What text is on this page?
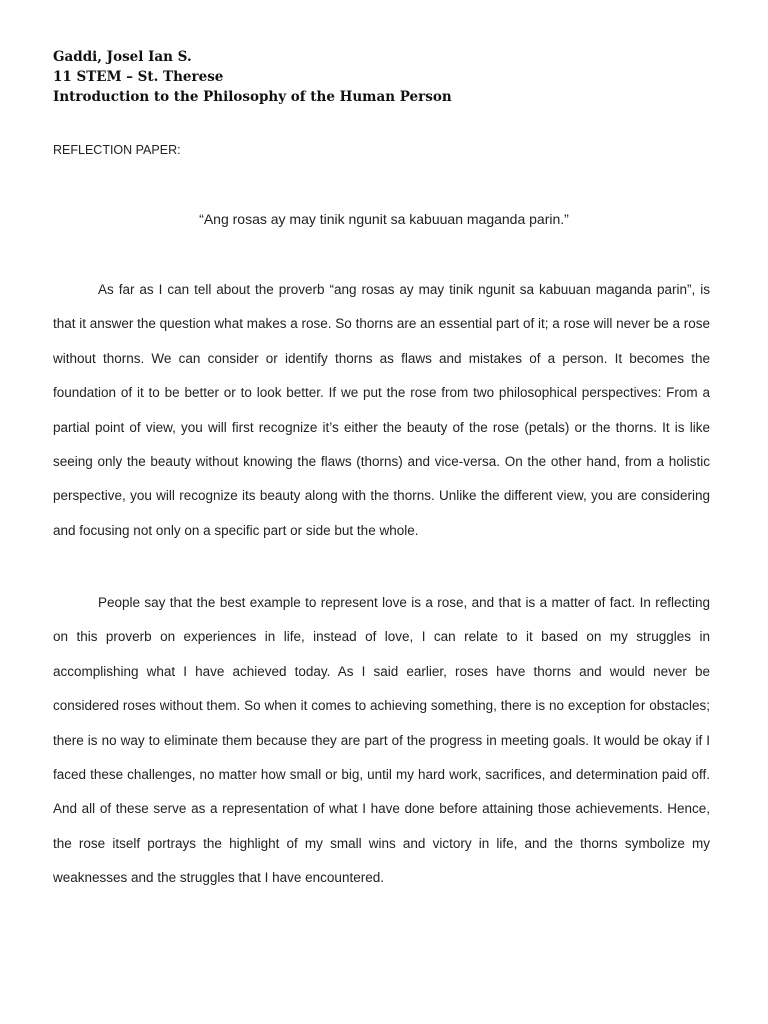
Gaddi, Josel Ian S.
11 STEM – St. Therese
Introduction to the Philosophy of the Human Person
REFLECTION PAPER:
“Ang rosas ay may tinik ngunit sa kabuuan maganda parin.”

As far as I can tell about the proverb “ang rosas ay may tinik ngunit sa kabuuan maganda parin”, is that it answer the question what makes a rose. So thorns are an essential part of it; a rose will never be a rose without thorns. We can consider or identify thorns as flaws and mistakes of a person. It becomes the foundation of it to be better or to look better. If we put the rose from two philosophical perspectives: From a partial point of view, you will first recognize it’s either the beauty of the rose (petals) or the thorns. It is like seeing only the beauty without knowing the flaws (thorns) and vice-versa. On the other hand, from a holistic perspective, you will recognize its beauty along with the thorns. Unlike the different view, you are considering and focusing not only on a specific part or side but the whole.

People say that the best example to represent love is a rose, and that is a matter of fact. In reflecting on this proverb on experiences in life, instead of love, I can relate to it based on my struggles in accomplishing what I have achieved today. As I said earlier, roses have thorns and would never be considered roses without them. So when it comes to achieving something, there is no exception for obstacles; there is no way to eliminate them because they are part of the progress in meeting goals. It would be okay if I faced these challenges, no matter how small or big, until my hard work, sacrifices, and determination paid off. And all of these serve as a representation of what I have done before attaining those achievements. Hence, the rose itself portrays the highlight of my small wins and victory in life, and the thorns symbolize my weaknesses and the struggles that I have encountered.
